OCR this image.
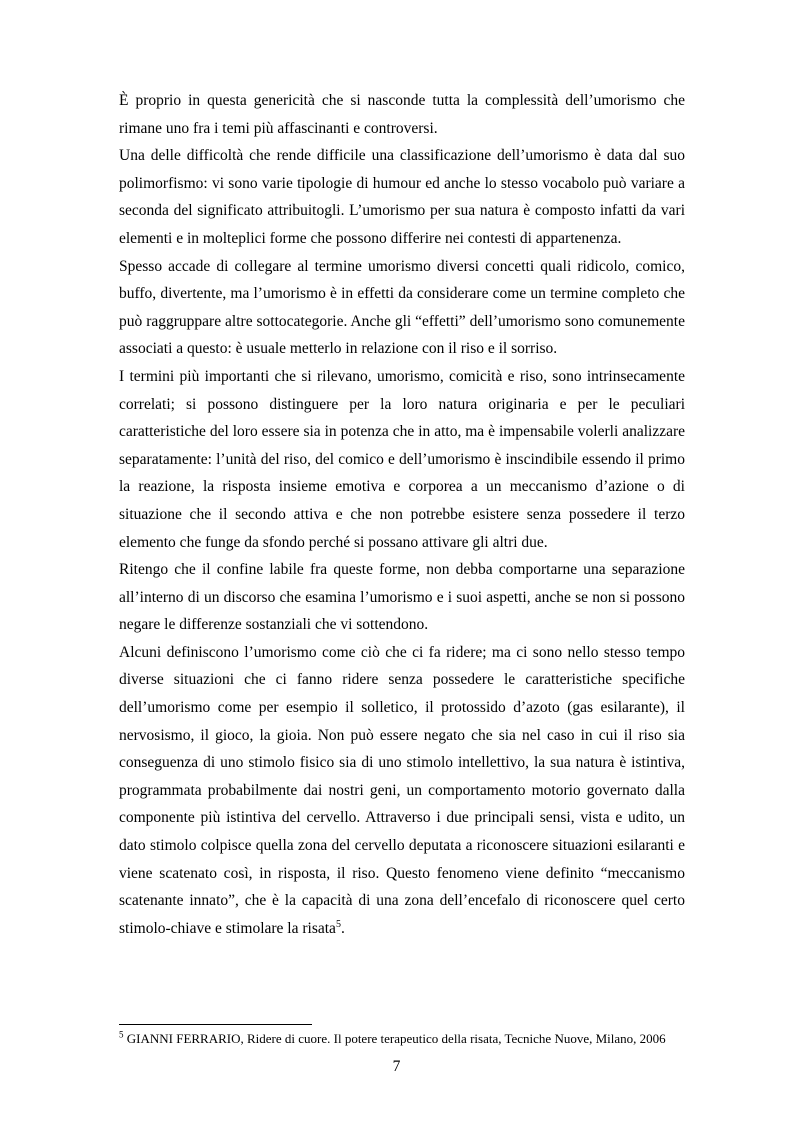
È proprio in questa genericità che si nasconde tutta la complessità dell’umorismo che rimane uno fra i temi più affascinanti e controversi.

Una delle difficoltà che rende difficile una classificazione dell’umorismo è data dal suo polimorfismo: vi sono varie tipologie di humour ed anche lo stesso vocabolo può variare a seconda del significato attribuitogli. L’umorismo per sua natura è composto infatti da vari elementi e in molteplici forme che possono differire nei contesti di appartenenza.

Spesso accade di collegare al termine umorismo diversi concetti quali ridicolo, comico, buffo, divertente, ma l’umorismo è in effetti da considerare come un termine completo che può raggruppare altre sottocategorie. Anche gli “effetti” dell’umorismo sono comunemente associati a questo: è usuale metterlo in relazione con il riso e il sorriso.

I termini più importanti che si rilevano, umorismo, comicità e riso, sono intrinsecamente correlati; si possono distinguere per la loro natura originaria e per le peculiari caratteristiche del loro essere sia in potenza che in atto, ma è impensabile volerli analizzare separatamente: l’unità del riso, del comico e dell’umorismo è inscindibile essendo il primo la reazione, la risposta insieme emotiva e corporea a un meccanismo d’azione o di situazione che il secondo attiva e che non potrebbe esistere senza possedere il terzo elemento che funge da sfondo perché si possano attivare gli altri due.

Ritengo che il confine labile fra queste forme, non debba comportarne una separazione all’interno di un discorso che esamina l’umorismo e i suoi aspetti, anche se non si possono negare le differenze sostanziali che vi sottendono.

Alcuni definiscono l’umorismo come ciò che ci fa ridere; ma ci sono nello stesso tempo diverse situazioni che ci fanno ridere senza possedere le caratteristiche specifiche dell’umorismo come per esempio il solletico, il protossido d’azoto (gas esilarante), il nervosismo, il gioco, la gioia. Non può essere negato che sia nel caso in cui il riso sia conseguenza di uno stimolo fisico sia di uno stimolo intellettivo, la sua natura è istintiva, programmata probabilmente dai nostri geni, un comportamento motorio governato dalla componente più istintiva del cervello. Attraverso i due principali sensi, vista e udito, un dato stimolo colpisce quella zona del cervello deputata a riconoscere situazioni esilaranti e viene scatenato così, in risposta, il riso. Questo fenomeno viene definito “meccanismo scatenante innato”, che è la capacità di una zona dell’encefalo di riconoscere quel certo stimolo-chiave e stimolare la risata$^5$.

$^5$ GIANNI FERRARIO, Ridere di cuore. Il potere terapeutico della risata, Tecniche Nuove, Milano, 2006
7
